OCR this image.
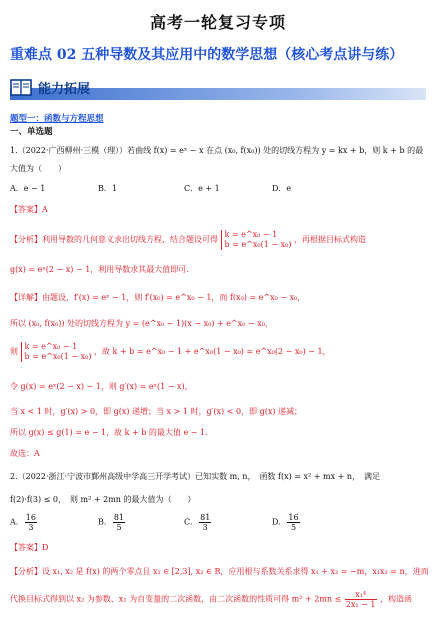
高考一轮复习专项
重难点 02 五种导数及其应用中的数学思想（核心考点讲与练）
能力拓展
题型一：函数与方程思想
一、单选题
1.（2022·广西柳州·三模（理））若曲线 f(x) = eˣ − x 在点 (x₀, f(x₀)) 处的切线方程为 y = kx + b，则 k + b 的最
大值为（　　）
A．e − 1	B．1	C．e + 1	D．e
【答案】A
【分析】利用导数的几何意义求出切线方程，结合题设可得
k = e^x₀ − 1
b = e^x₀(1 − x₀)
，再根据目标式构造
g(x) = eˣ(2 − x) − 1，利用导数求其最大值即可.
【详解】由题设，f′(x) = eˣ − 1，则 f′(x₀) = e^x₀ − 1，而 f(x₀) = e^x₀ − x₀，
所以 (x₀, f(x₀)) 处的切线方程为 y = (e^x₀ − 1)(x − x₀) + e^x₀ − x₀，
则
k = e^x₀ − 1
b = e^x₀(1 − x₀)
，故 k + b = e^x₀ − 1 + e^x₀(1 − x₀) = e^x₀(2 − x₀) − 1，
令 g(x) = eˣ(2 − x) − 1，则 g′(x) = eˣ(1 − x)，
当 x < 1 时，g′(x) > 0，即 g(x) 递增；当 x > 1 时，g′(x) < 0，即 g(x) 递减；
所以 g(x) ≤ g(1) = e − 1，故 k + b 的最大值 e − 1.
故选：A
2.（2022·浙江·宁波市鄞州高级中学高三开学考试）已知实数 m, n，　函数 f(x) = x² + mx + n，　满足
f(2)·f(3) ≤ 0，　则 m² + 2mn 的最大值为（　　）
A． $\frac{16}{3}$	B． $\frac{81}{5}$	C． $\frac{81}{3}$	D． $\frac{16}{5}$
【答案】D
【分析】设 x₁, x₂ 是 f(x) 的两个零点且 x₁ ∈ [2,3], x₂ ∈ R，应用根与系数关系求得 x₁ + x₂ = −m，x₁x₂ = n，进而
代换目标式得到以 x₂ 为参数、x₁ 为自变量的二次函数，由二次函数的性质可得 $m^2 + 2mn \le \frac{\text{x₁⁴}}{\text{2x₁ − 1}}$ ，构造函
